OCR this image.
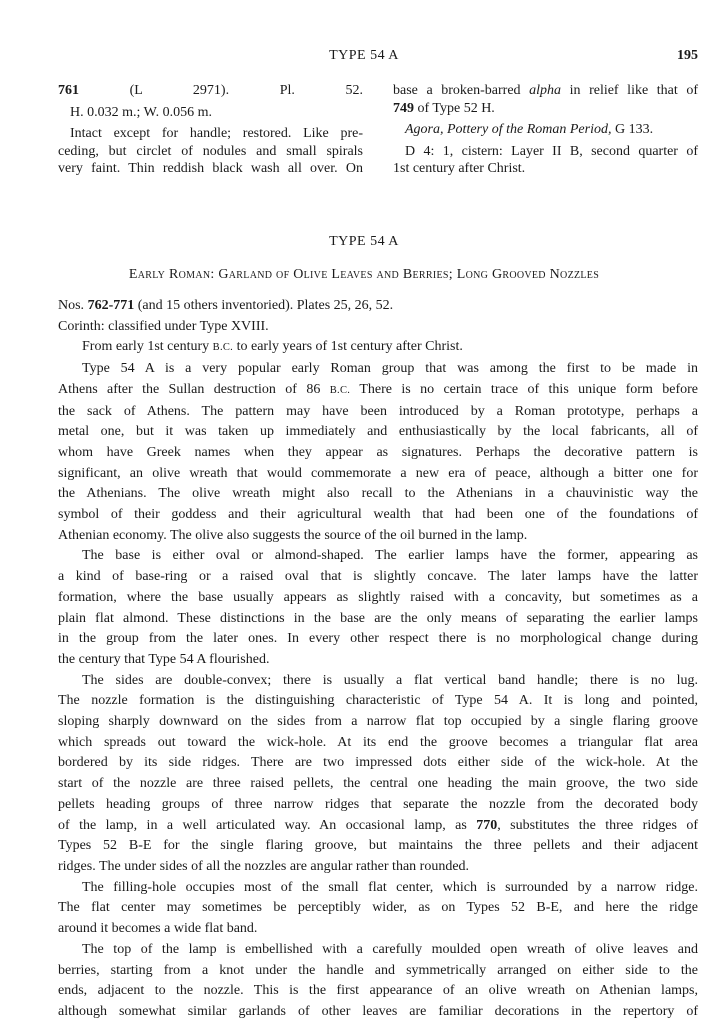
TYPE 54 A	195
761 (L 2971). Pl. 52.
H. 0.032 m.; W. 0.056 m.
Intact except for handle; restored. Like pre-
ceding, but circlet of nodules and small spirals
very faint. Thin reddish black wash all over. On
base a broken-barred alpha in relief like that of
749 of Type 52 H.
Agora, Pottery of the Roman Period, G 133.
D 4: 1, cistern: Layer II B, second quarter of
1st century after Christ.
TYPE 54 A
Early Roman: Garland of Olive Leaves and Berries; Long Grooved Nozzles
Nos. 762-771 (and 15 others inventoried). Plates 25, 26, 52.
Corinth: classified under Type XVIII.
From early 1st century B.C. to early years of 1st century after Christ.
Type 54 A is a very popular early Roman group that was among the first to be made in
Athens after the Sullan destruction of 86 B.C. There is no certain trace of this unique form before
the sack of Athens. The pattern may have been introduced by a Roman prototype, perhaps a
metal one, but it was taken up immediately and enthusiastically by the local fabricants, all of
whom have Greek names when they appear as signatures. Perhaps the decorative pattern is
significant, an olive wreath that would commemorate a new era of peace, although a bitter one for
the Athenians. The olive wreath might also recall to the Athenians in a chauvinistic way the
symbol of their goddess and their agricultural wealth that had been one of the foundations of
Athenian economy. The olive also suggests the source of the oil burned in the lamp.
The base is either oval or almond-shaped. The earlier lamps have the former, appearing as
a kind of base-ring or a raised oval that is slightly concave. The later lamps have the latter
formation, where the base usually appears as slightly raised with a concavity, but sometimes as a
plain flat almond. These distinctions in the base are the only means of separating the earlier lamps
in the group from the later ones. In every other respect there is no morphological change during
the century that Type 54 A flourished.
The sides are double-convex; there is usually a flat vertical band handle; there is no lug.
The nozzle formation is the distinguishing characteristic of Type 54 A. It is long and pointed,
sloping sharply downward on the sides from a narrow flat top occupied by a single flaring groove
which spreads out toward the wick-hole. At its end the groove becomes a triangular flat area
bordered by its side ridges. There are two impressed dots either side of the wick-hole. At the
start of the nozzle are three raised pellets, the central one heading the main groove, the two side
pellets heading groups of three narrow ridges that separate the nozzle from the decorated body
of the lamp, in a well articulated way. An occasional lamp, as 770, substitutes the three ridges of
Types 52 B-E for the single flaring groove, but maintains the three pellets and their adjacent
ridges. The under sides of all the nozzles are angular rather than rounded.
The filling-hole occupies most of the small flat center, which is surrounded by a narrow ridge.
The flat center may sometimes be perceptibly wider, as on Types 52 B-E, and here the ridge
around it becomes a wide flat band.
The top of the lamp is embellished with a carefully moulded open wreath of olive leaves and
berries, starting from a knot under the handle and symmetrically arranged on either side to the
ends, adjacent to the nozzle. This is the first appearance of an olive wreath on Athenian lamps,
although somewhat similar garlands of other leaves are familiar decorations in the repertory of
